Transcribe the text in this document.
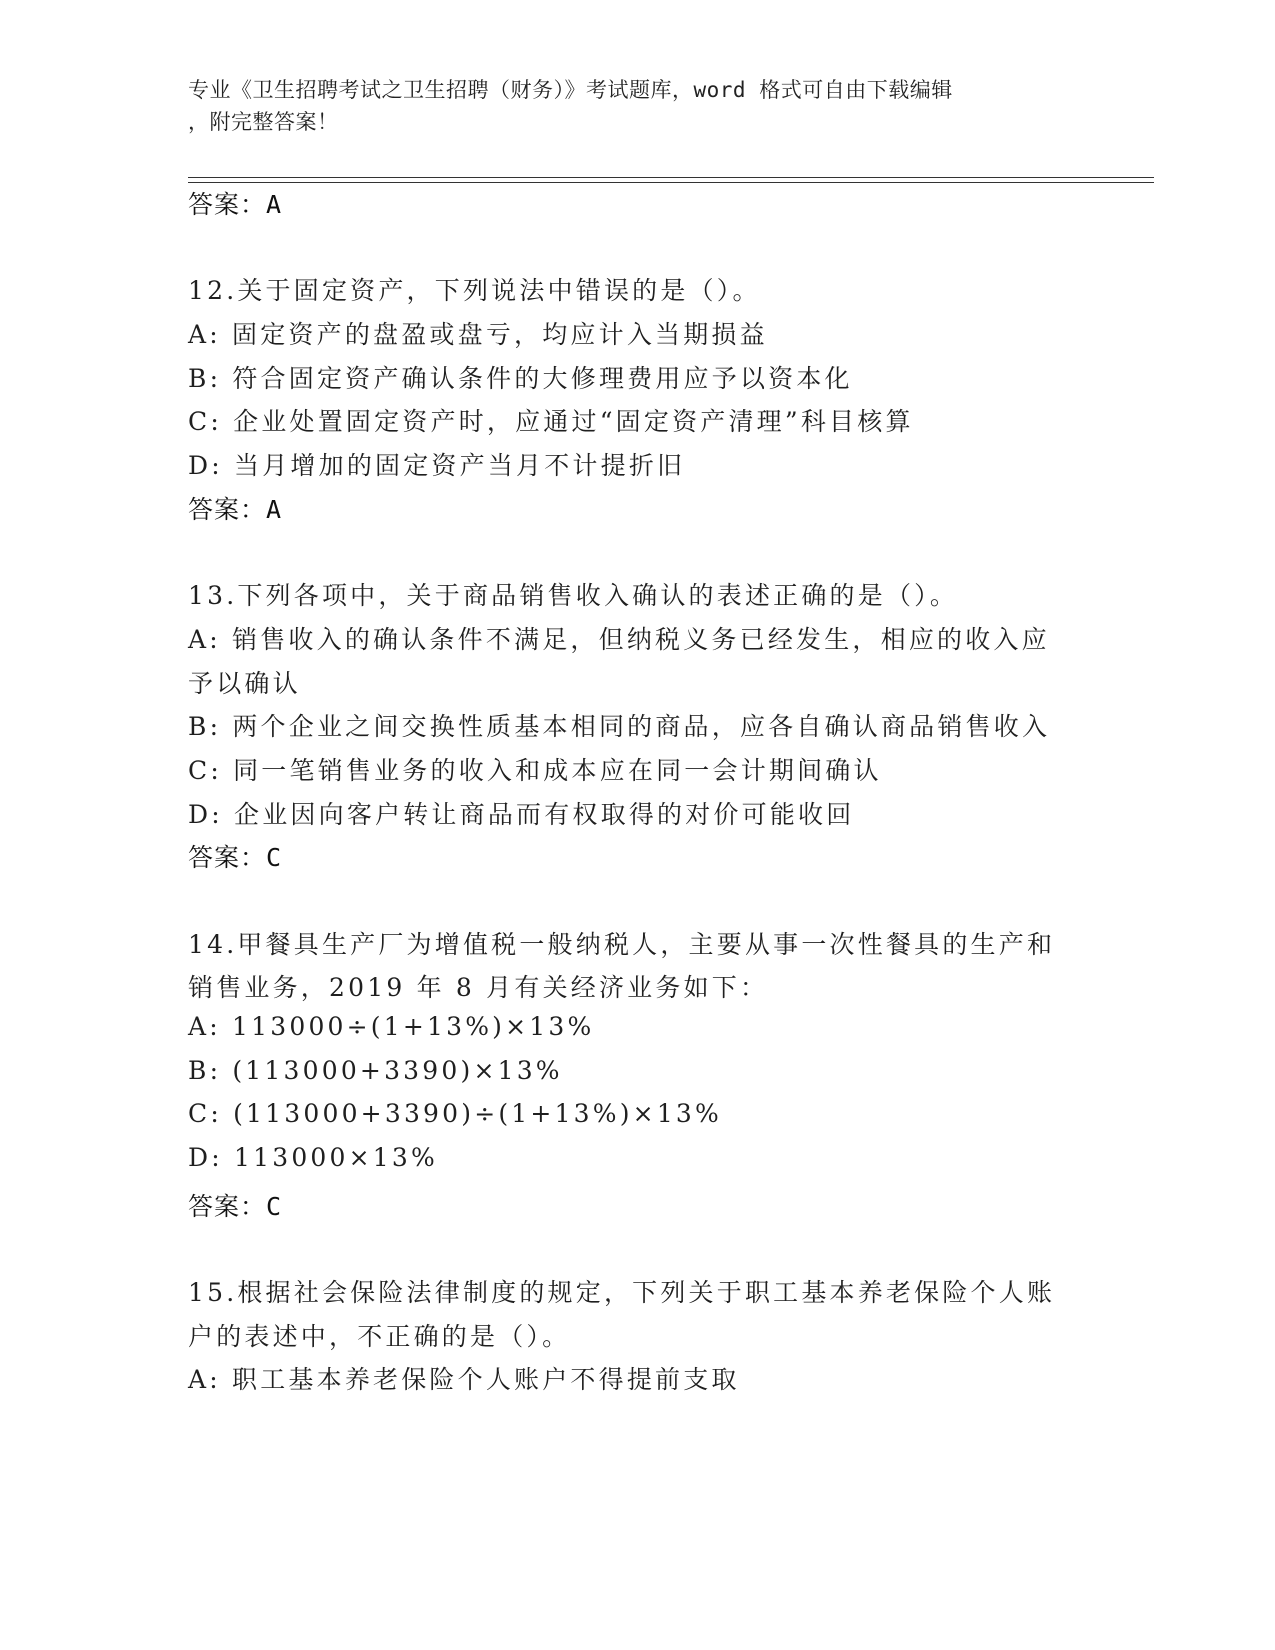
专业《卫生招聘考试之卫生招聘（财务）》考试题库，word 格式可自由下载编辑
，附完整答案！
答案：A
12.关于固定资产，下列说法中错误的是（）。
A: 固定资产的盘盈或盘亏，均应计入当期损益
B: 符合固定资产确认条件的大修理费用应予以资本化
C: 企业处置固定资产时，应通过“固定资产清理”科目核算
D: 当月增加的固定资产当月不计提折旧
答案：A
13.下列各项中，关于商品销售收入确认的表述正确的是（）。
A: 销售收入的确认条件不满足，但纳税义务已经发生，相应的收入应
予以确认
B: 两个企业之间交换性质基本相同的商品，应各自确认商品销售收入
C: 同一笔销售业务的收入和成本应在同一会计期间确认
D: 企业因向客户转让商品而有权取得的对价可能收回
答案：C
14.甲餐具生产厂为增值税一般纳税人，主要从事一次性餐具的生产和
销售业务，2019 年 8 月有关经济业务如下：
A: 113000÷(1+13%)×13%
B: (113000+3390)×13%
C: (113000+3390)÷(1+13%)×13%
D: 113000×13%
答案：C
15.根据社会保险法律制度的规定，下列关于职工基本养老保险个人账
户的表述中，不正确的是（）。
A: 职工基本养老保险个人账户不得提前支取
